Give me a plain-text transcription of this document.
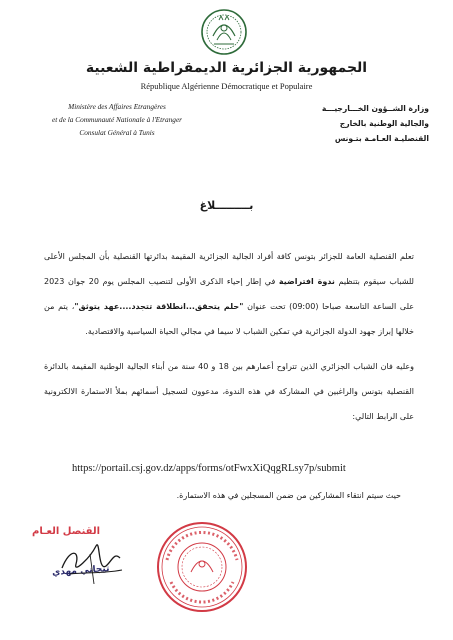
الجمهورية الجزائرية الديمقراطية الشعبية
République Algérienne Démocratique et Populaire
Ministère des Affaires Etrangères
et de la Communauté Nationale à l'Etranger
Consulat Général à Tunis
وزارة الشــؤون الخـــارجيـــة
والجالية الوطنية بالخارج
القنصليـة العـامـة بتـونس
بـــــــــلاغ

تعلم القنصلية العامة للجزائر بتونس كافة أفراد الجالية الجزائرية المقيمة بدائرتها القنصلية بأن المجلس الأعلى للشباب سيقوم بتنظيم ندوة افتراضية في إطار إحياء الذكرى الأولى لتنصيب المجلس يوم 20 جوان 2023 على الساعة التاسعة صباحا (09:00) تحت عنوان "حلم يتحقق...انطلاقة تتجدد....عهد يتوثق"، يتم من خلالها إبراز جهود الدولة الجزائرية في تمكين الشباب لا سيما في مجالي الحياة السياسية والاقتصادية.

وعليه فان الشباب الجزائري الذين تتراوح أعمارهم بين 18 و 40 سنة من أبناء الجالية الوطنية المقيمة بالدائرة القنصلية بتونس والراغبين في المشاركة في هذه الندوة، مدعوون لتسجيل أسمائهم بملأ الاستمارة الالكترونية على الرابط التالي:

https://portail.csj.gov.dz/apps/forms/otFwxXiQqgRLsy7p/submit
حيث سيتم انتقاء المشاركين من ضمن المسجلين في هذه الاستمارة.
القنصل العـام
تيجاني مهدي
